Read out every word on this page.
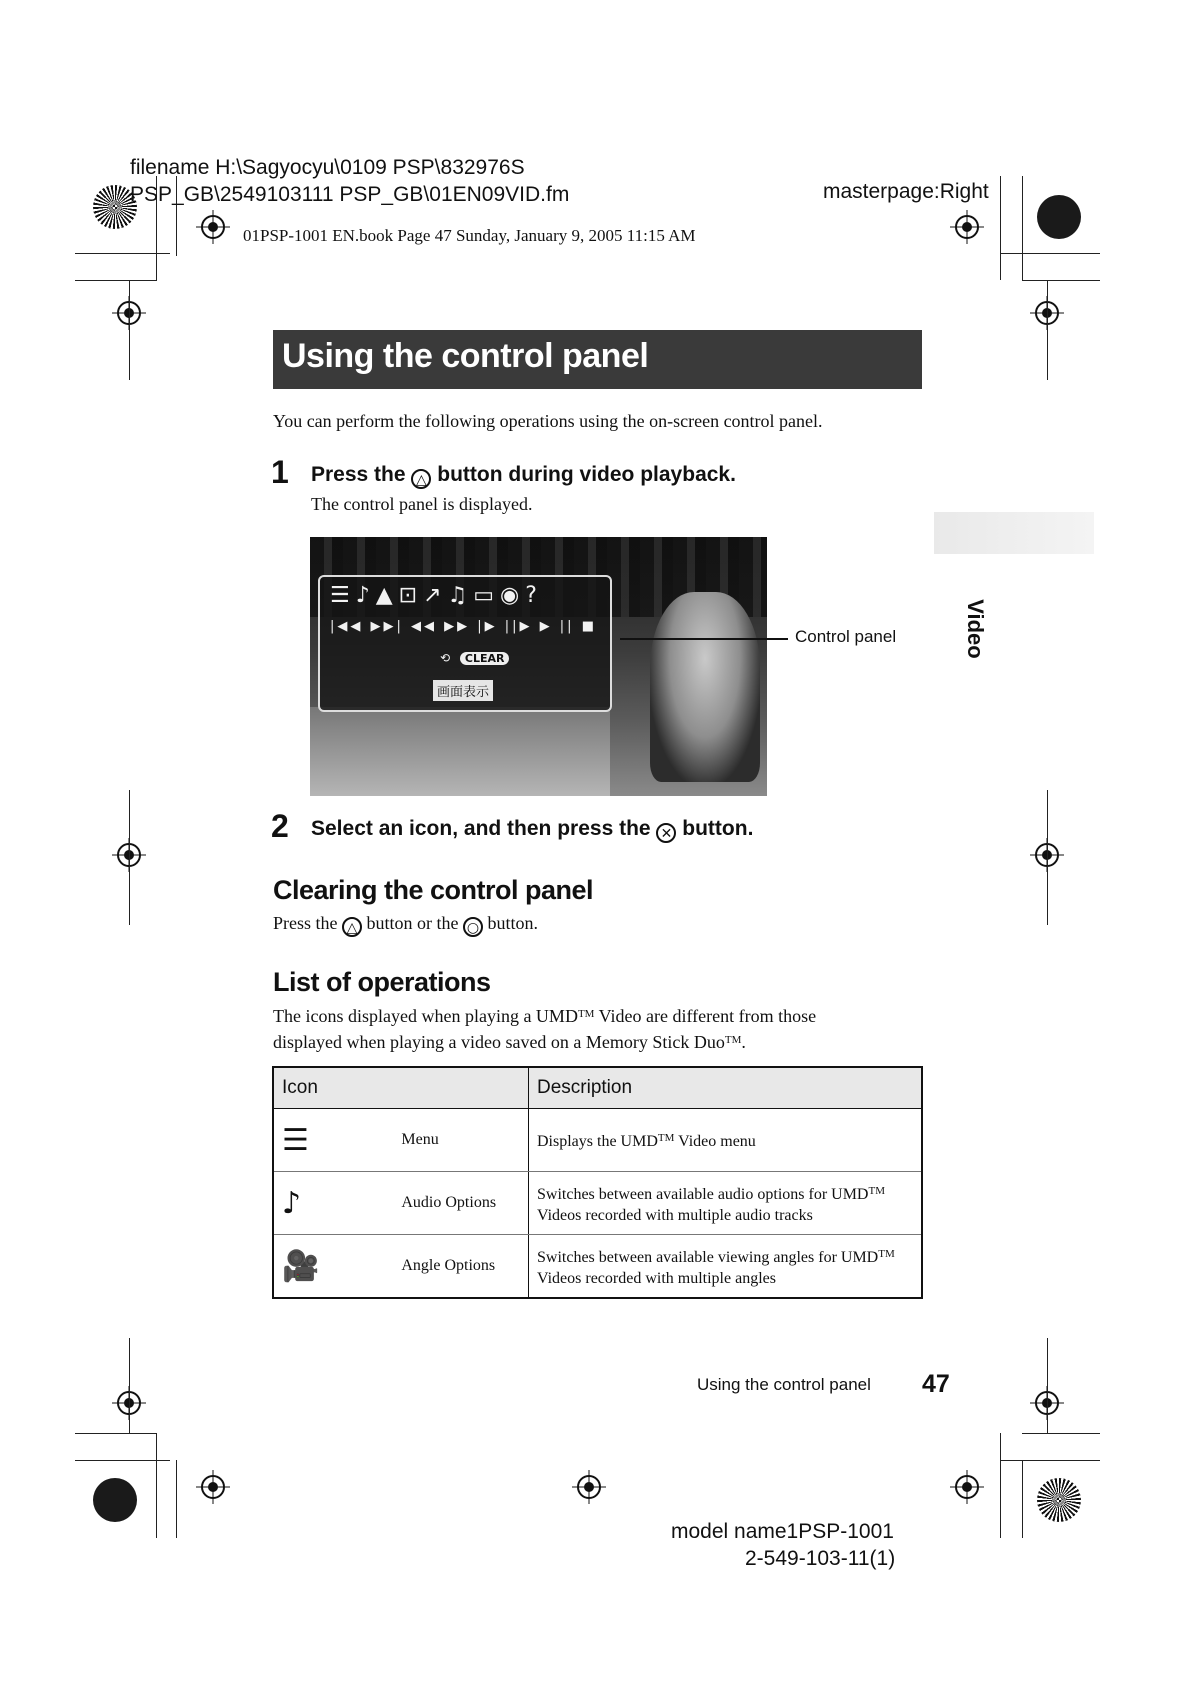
filename H:\Sagyocyu\0109 PSP\832976S
PSP_GB\2549103111 PSP_GB\01EN09VID.fm	masterpage:Right
01PSP-1001 EN.book Page 47 Sunday, January 9, 2005 11:15 AM
Using the control panel
You can perform the following operations using the on-screen control panel.
1 Press the △ button during video playback.
The control panel is displayed.
☰♪▲⊡↗♫▭◉?
|◀◀ ▶▶| ◀◀ ▶▶ |▶ ||▶ ▶ || ■
⟲ CLEAR
画面表示
Control panel	Video
2 Select an icon, and then press the ✕ button.
Clearing the control panel
Press the △ button or the ○ button.
List of operations
The icons displayed when playing a UMD™ Video are different from those
displayed when playing a video saved on a Memory Stick Duo™.
Icon		Description
☰	Menu	Displays the UMD™ Video menu
♪	Audio Options	Switches between available audio options for UMD™
Videos recorded with multiple audio tracks
🎥	Angle Options	Switches between available viewing angles for UMD™
Videos recorded with multiple angles
Using the control panel 47
model name1PSP-1001
2-549-103-11(1)
